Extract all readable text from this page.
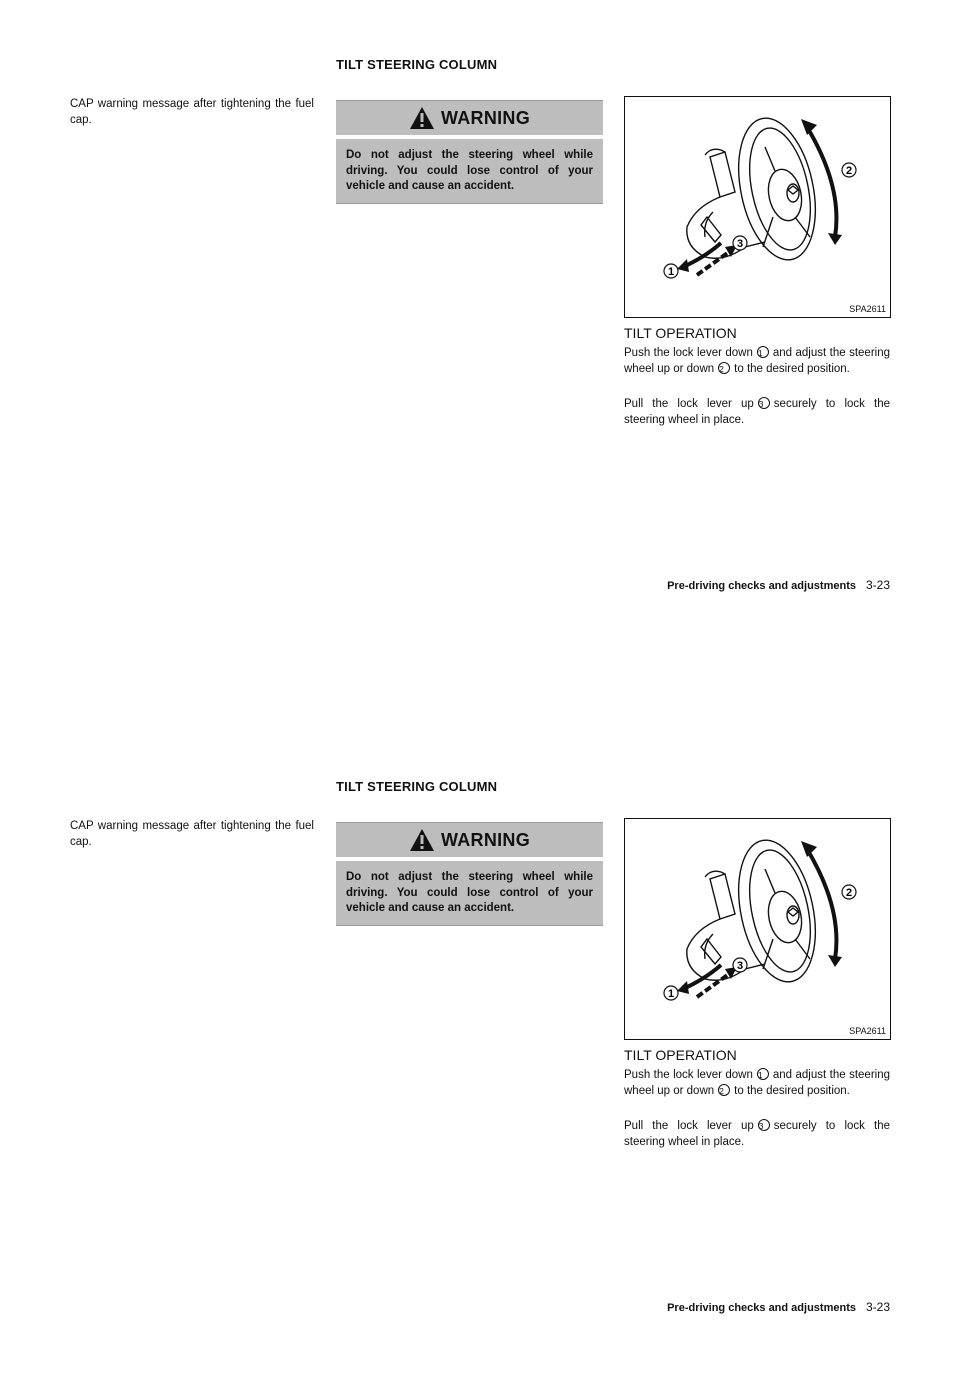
CAP warning message after tightening the fuel cap.
TILT STEERING COLUMN
WARNING
Do not adjust the steering wheel while driving. You could lose control of your vehicle and cause an accident.
2
3
1
SPA2611
TILT OPERATION
Push the lock lever down 1 and adjust the steering wheel up or down 2 to the desired position.
Pull the lock lever up 3 securely to lock the steering wheel in place.
Pre-driving checks and adjustments 3-23
CAP warning message after tightening the fuel cap.
TILT STEERING COLUMN
WARNING
Do not adjust the steering wheel while driving. You could lose control of your vehicle and cause an accident.
2
3
1
SPA2611
TILT OPERATION
Push the lock lever down 1 and adjust the steering wheel up or down 2 to the desired position.
Pull the lock lever up 3 securely to lock the steering wheel in place.
Pre-driving checks and adjustments 3-23
